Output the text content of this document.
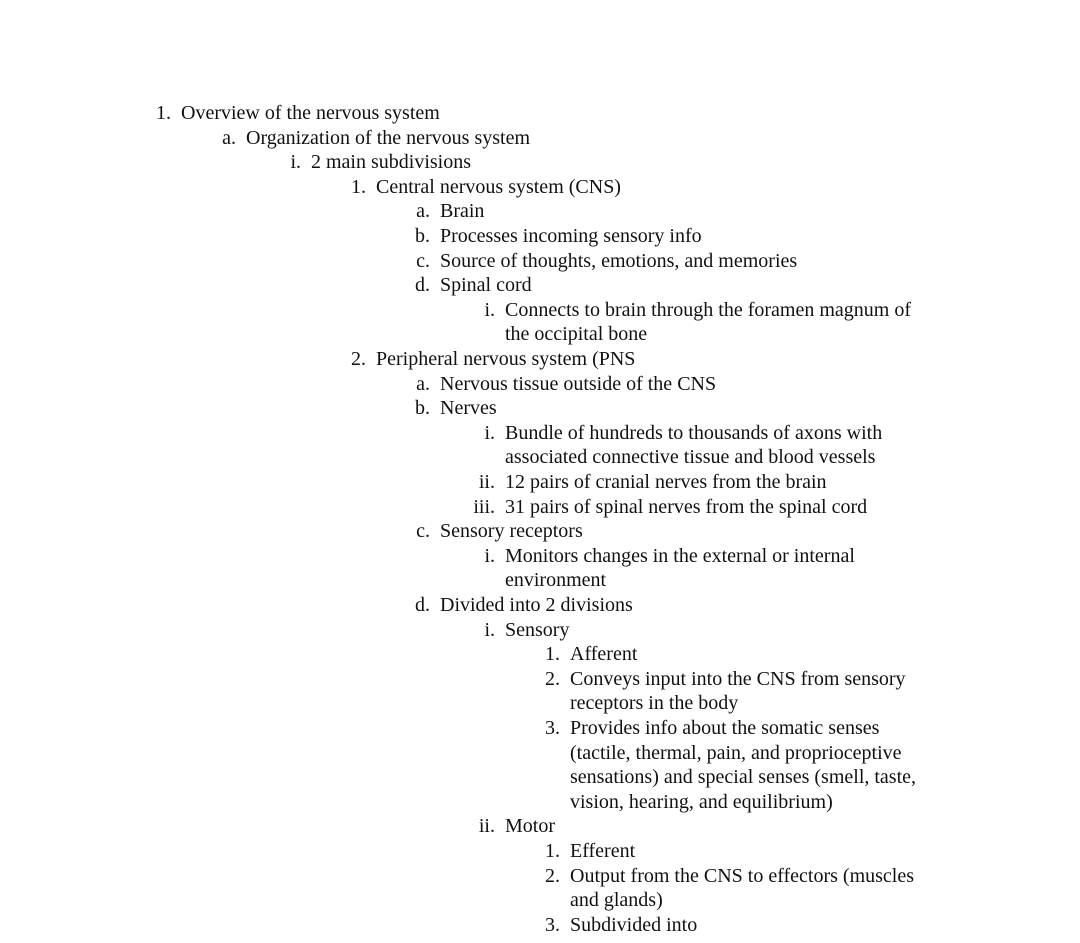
1. Overview of the nervous system
a. Organization of the nervous system
i. 2 main subdivisions
1. Central nervous system (CNS)
a. Brain
b. Processes incoming sensory info
c. Source of thoughts, emotions, and memories
d. Spinal cord
i. Connects to brain through the foramen magnum of
the occipital bone
2. Peripheral nervous system (PNS
a. Nervous tissue outside of the CNS
b. Nerves
i. Bundle of hundreds to thousands of axons with
associated connective tissue and blood vessels
ii. 12 pairs of cranial nerves from the brain
iii. 31 pairs of spinal nerves from the spinal cord
c. Sensory receptors
i. Monitors changes in the external or internal
environment
d. Divided into 2 divisions
i. Sensory
1. Afferent
2. Conveys input into the CNS from sensory
receptors in the body
3. Provides info about the somatic senses
(tactile, thermal, pain, and proprioceptive
sensations) and special senses (smell, taste,
vision, hearing, and equilibrium)
ii. Motor
1. Efferent
2. Output from the CNS to effectors (muscles
and glands)
3. Subdivided into
